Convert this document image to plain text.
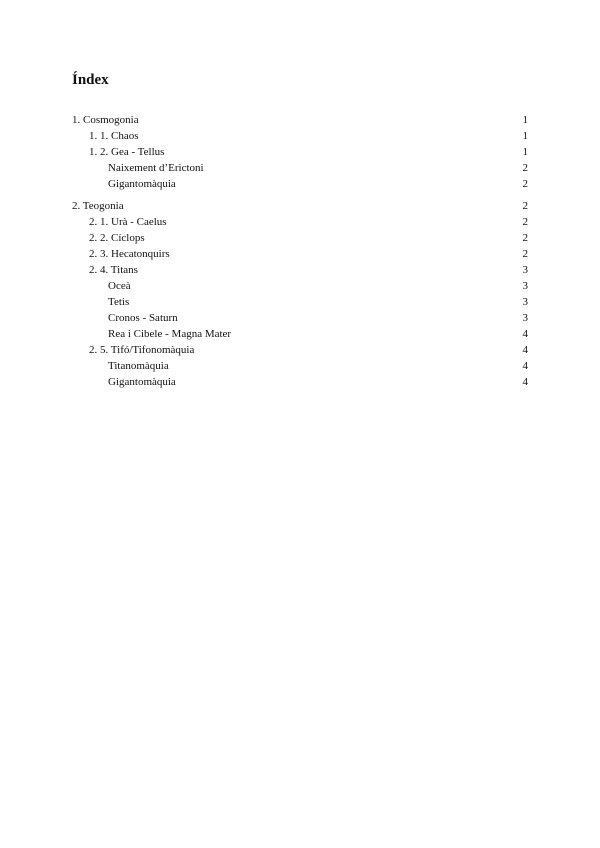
Índex
1. Cosmogonia	1
1. 1. Chaos	1
1. 2. Gea - Tellus	1
Naixement d’Erictoni	2
Gigantomàquia	2
2. Teogonia	2
2. 1. Urà - Caelus	2
2. 2. Cíclops	2
2. 3. Hecatonquirs	2
2. 4. Titans	3
Oceà	3
Tetis	3
Cronos - Saturn	3
Rea i Cibele - Magna Mater	4
2. 5. Tifó/Tifonomàquia	4
Titanomàquia	4
Gigantomàquia	4
